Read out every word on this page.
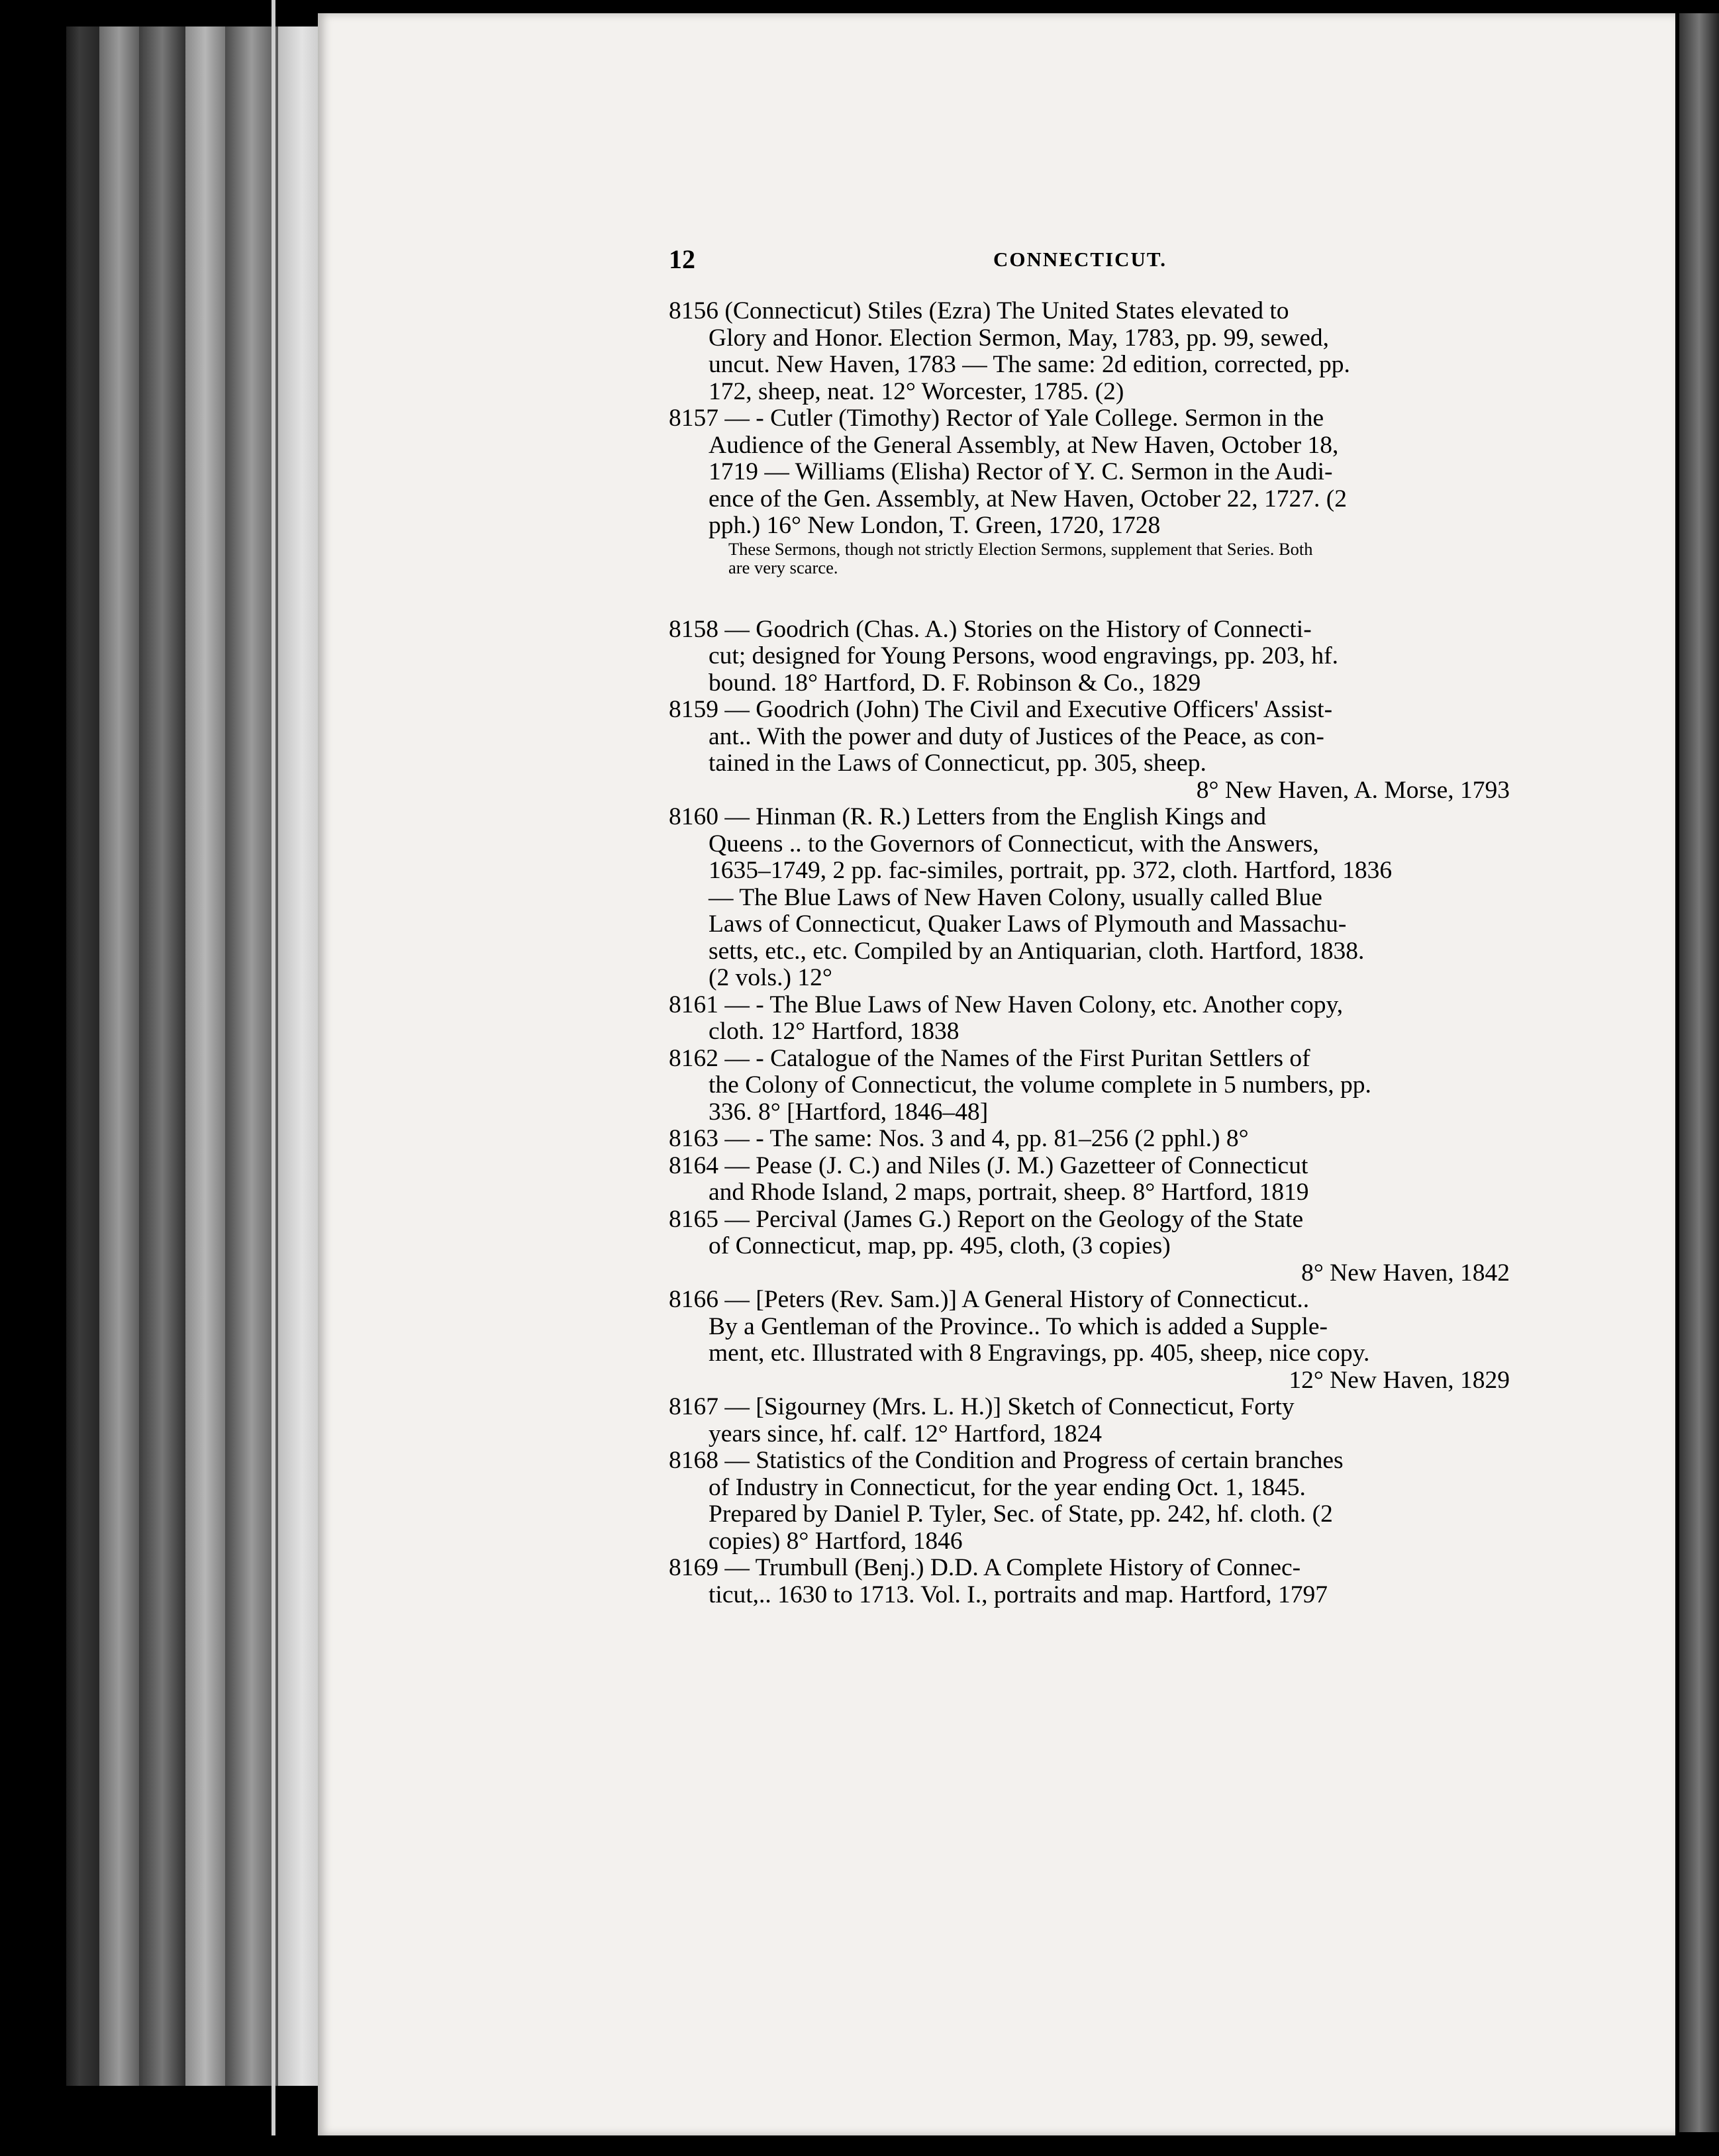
12	CONNECTICUT.
8156 (Connecticut) Stiles (Ezra) The United States elevated to
Glory and Honor. Election Sermon, May, 1783, pp. 99, sewed,
uncut. New Haven, 1783 — The same: 2d edition, corrected, pp.
172, sheep, neat. 12° Worcester, 1785. (2)
8157 — - Cutler (Timothy) Rector of Yale College. Sermon in the
Audience of the General Assembly, at New Haven, October 18,
1719 — Williams (Elisha) Rector of Y. C. Sermon in the Audi-
ence of the Gen. Assembly, at New Haven, October 22, 1727. (2
pph.) 16° New London, T. Green, 1720, 1728
These Sermons, though not strictly Election Sermons, supplement that Series. Both
are very scarce.
8158 — Goodrich (Chas. A.) Stories on the History of Connecti-
cut; designed for Young Persons, wood engravings, pp. 203, hf.
bound. 18° Hartford, D. F. Robinson & Co., 1829
8159 — Goodrich (John) The Civil and Executive Officers' Assist-
ant.. With the power and duty of Justices of the Peace, as con-
tained in the Laws of Connecticut, pp. 305, sheep.
8° New Haven, A. Morse, 1793
8160 — Hinman (R. R.) Letters from the English Kings and
Queens .. to the Governors of Connecticut, with the Answers,
1635–1749, 2 pp. fac-similes, portrait, pp. 372, cloth. Hartford, 1836
— The Blue Laws of New Haven Colony, usually called Blue
Laws of Connecticut, Quaker Laws of Plymouth and Massachu-
setts, etc., etc. Compiled by an Antiquarian, cloth. Hartford, 1838.
(2 vols.) 12°
8161 — - The Blue Laws of New Haven Colony, etc. Another copy,
cloth. 12° Hartford, 1838
8162 — - Catalogue of the Names of the First Puritan Settlers of
the Colony of Connecticut, the volume complete in 5 numbers, pp.
336. 8° [Hartford, 1846–48]
8163 — - The same: Nos. 3 and 4, pp. 81–256 (2 pphl.) 8°
8164 — Pease (J. C.) and Niles (J. M.) Gazetteer of Connecticut
and Rhode Island, 2 maps, portrait, sheep. 8° Hartford, 1819
8165 — Percival (James G.) Report on the Geology of the State
of Connecticut, map, pp. 495, cloth, (3 copies)
8° New Haven, 1842
8166 — [Peters (Rev. Sam.)] A General History of Connecticut..
By a Gentleman of the Province.. To which is added a Supple-
ment, etc. Illustrated with 8 Engravings, pp. 405, sheep, nice copy.
12° New Haven, 1829
8167 — [Sigourney (Mrs. L. H.)] Sketch of Connecticut, Forty
years since, hf. calf. 12° Hartford, 1824
8168 — Statistics of the Condition and Progress of certain branches
of Industry in Connecticut, for the year ending Oct. 1, 1845.
Prepared by Daniel P. Tyler, Sec. of State, pp. 242, hf. cloth. (2
copies) 8° Hartford, 1846
8169 — Trumbull (Benj.) D.D. A Complete History of Connec-
ticut,.. 1630 to 1713. Vol. I., portraits and map. Hartford, 1797
